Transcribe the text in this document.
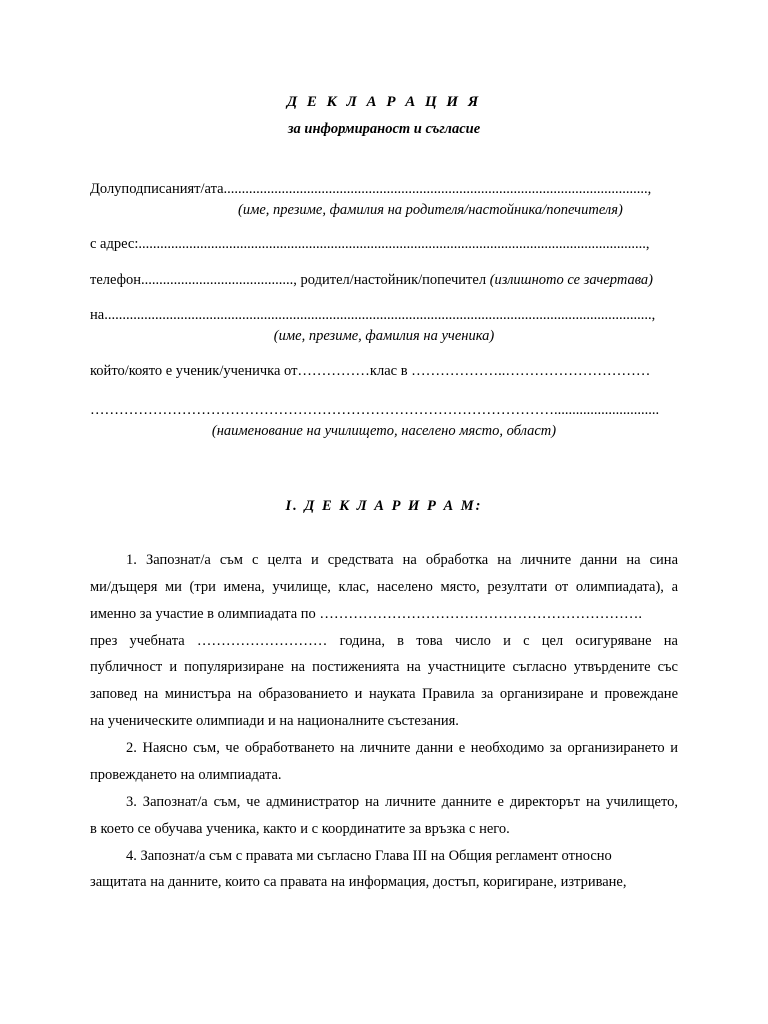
Д Е К Л А Р А Ц И Я
за информираност и съгласие
Долуподписаният/ата.....................................................................................................................,
(име, презиме, фамилия на родителя/настойника/попечителя)
с адрес:............................................................................................................................................,
телефон.........................................., родител/настойник/попечител (излишното се зачертава)
на.......................................................................................................................................................,
(име, презиме, фамилия на ученика)
който/която е ученик/ученичка от……………клас в ………………..…………………………
…………………………………………………………………………………….............................
(наименование на училището, населено място, област)
I. Д Е К Л А Р И Р А М:
1. Запознат/а съм с целта и средствата на обработка на личните данни на сина
ми/дъщеря ми (три имена, училище, клас, населено място, резултати от олимпиадата), а
именно за участие в олимпиадата по ………………………………………………………….
през учебната ……………………… година, в това число и с цел осигуряване на
публичност и популяризиране на постиженията на участниците съгласно утвърдените със
заповед на министъра на образованието и науката Правила за организиране и провеждане
на ученическите олимпиади и на националните състезания.
2. Наясно съм, че обработването на личните данни е необходимо за организирането и
провеждането на олимпиадата.
3. Запознат/а съм, че администратор на личните данните е директорът на училището,
в което се обучава ученика, както и с координатите за връзка с него.
4. Запознат/а съм с правата ми съгласно Глава III на Общия регламент относно
защитата на данните, които са правата на информация, достъп, коригиране, изтриване,
